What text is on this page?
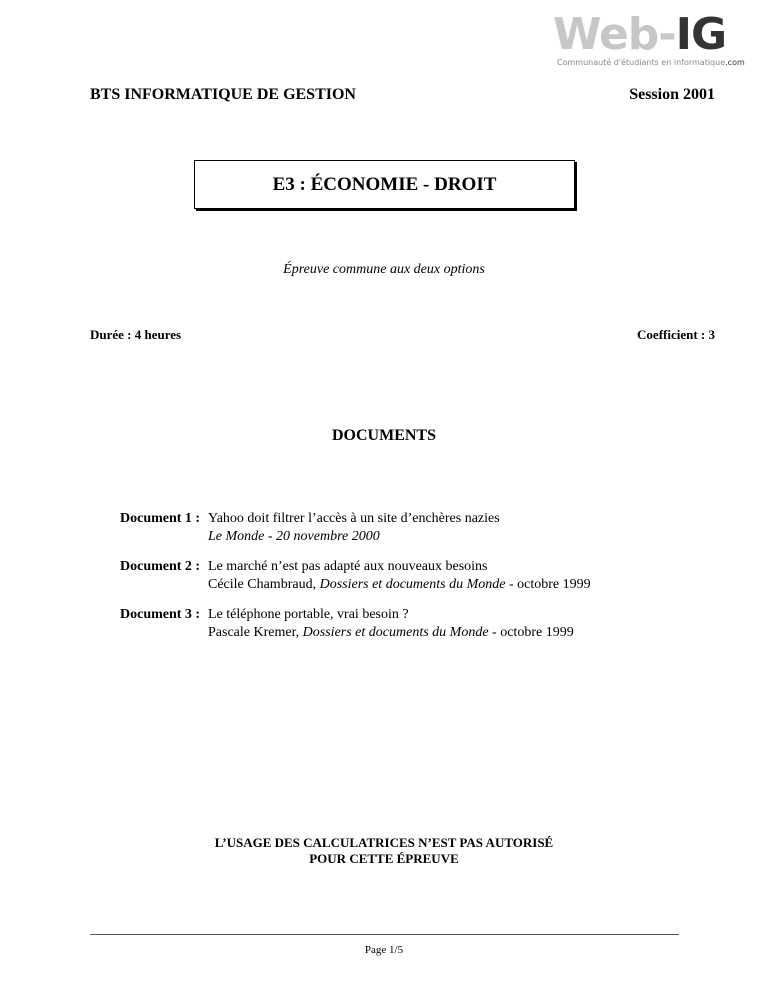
Web-IG
Communauté d'étudiants en informatique.com
BTS INFORMATIQUE DE GESTION	Session 2001
E3 : ÉCONOMIE - DROIT
Épreuve commune aux deux options
Durée : 4 heures	Coefficient : 3
DOCUMENTS
Document 1 : Yahoo doit filtrer l’accès à un site d’enchères nazies
Le Monde - 20 novembre 2000
Document 2 : Le marché n’est pas adapté aux nouveaux besoins
Cécile Chambraud, Dossiers et documents du Monde - octobre 1999
Document 3 : Le téléphone portable, vrai besoin ?
Pascale Kremer, Dossiers et documents du Monde - octobre 1999
L’USAGE DES CALCULATRICES N’EST PAS AUTORISÉ
POUR CETTE ÉPREUVE
Page 1/5
